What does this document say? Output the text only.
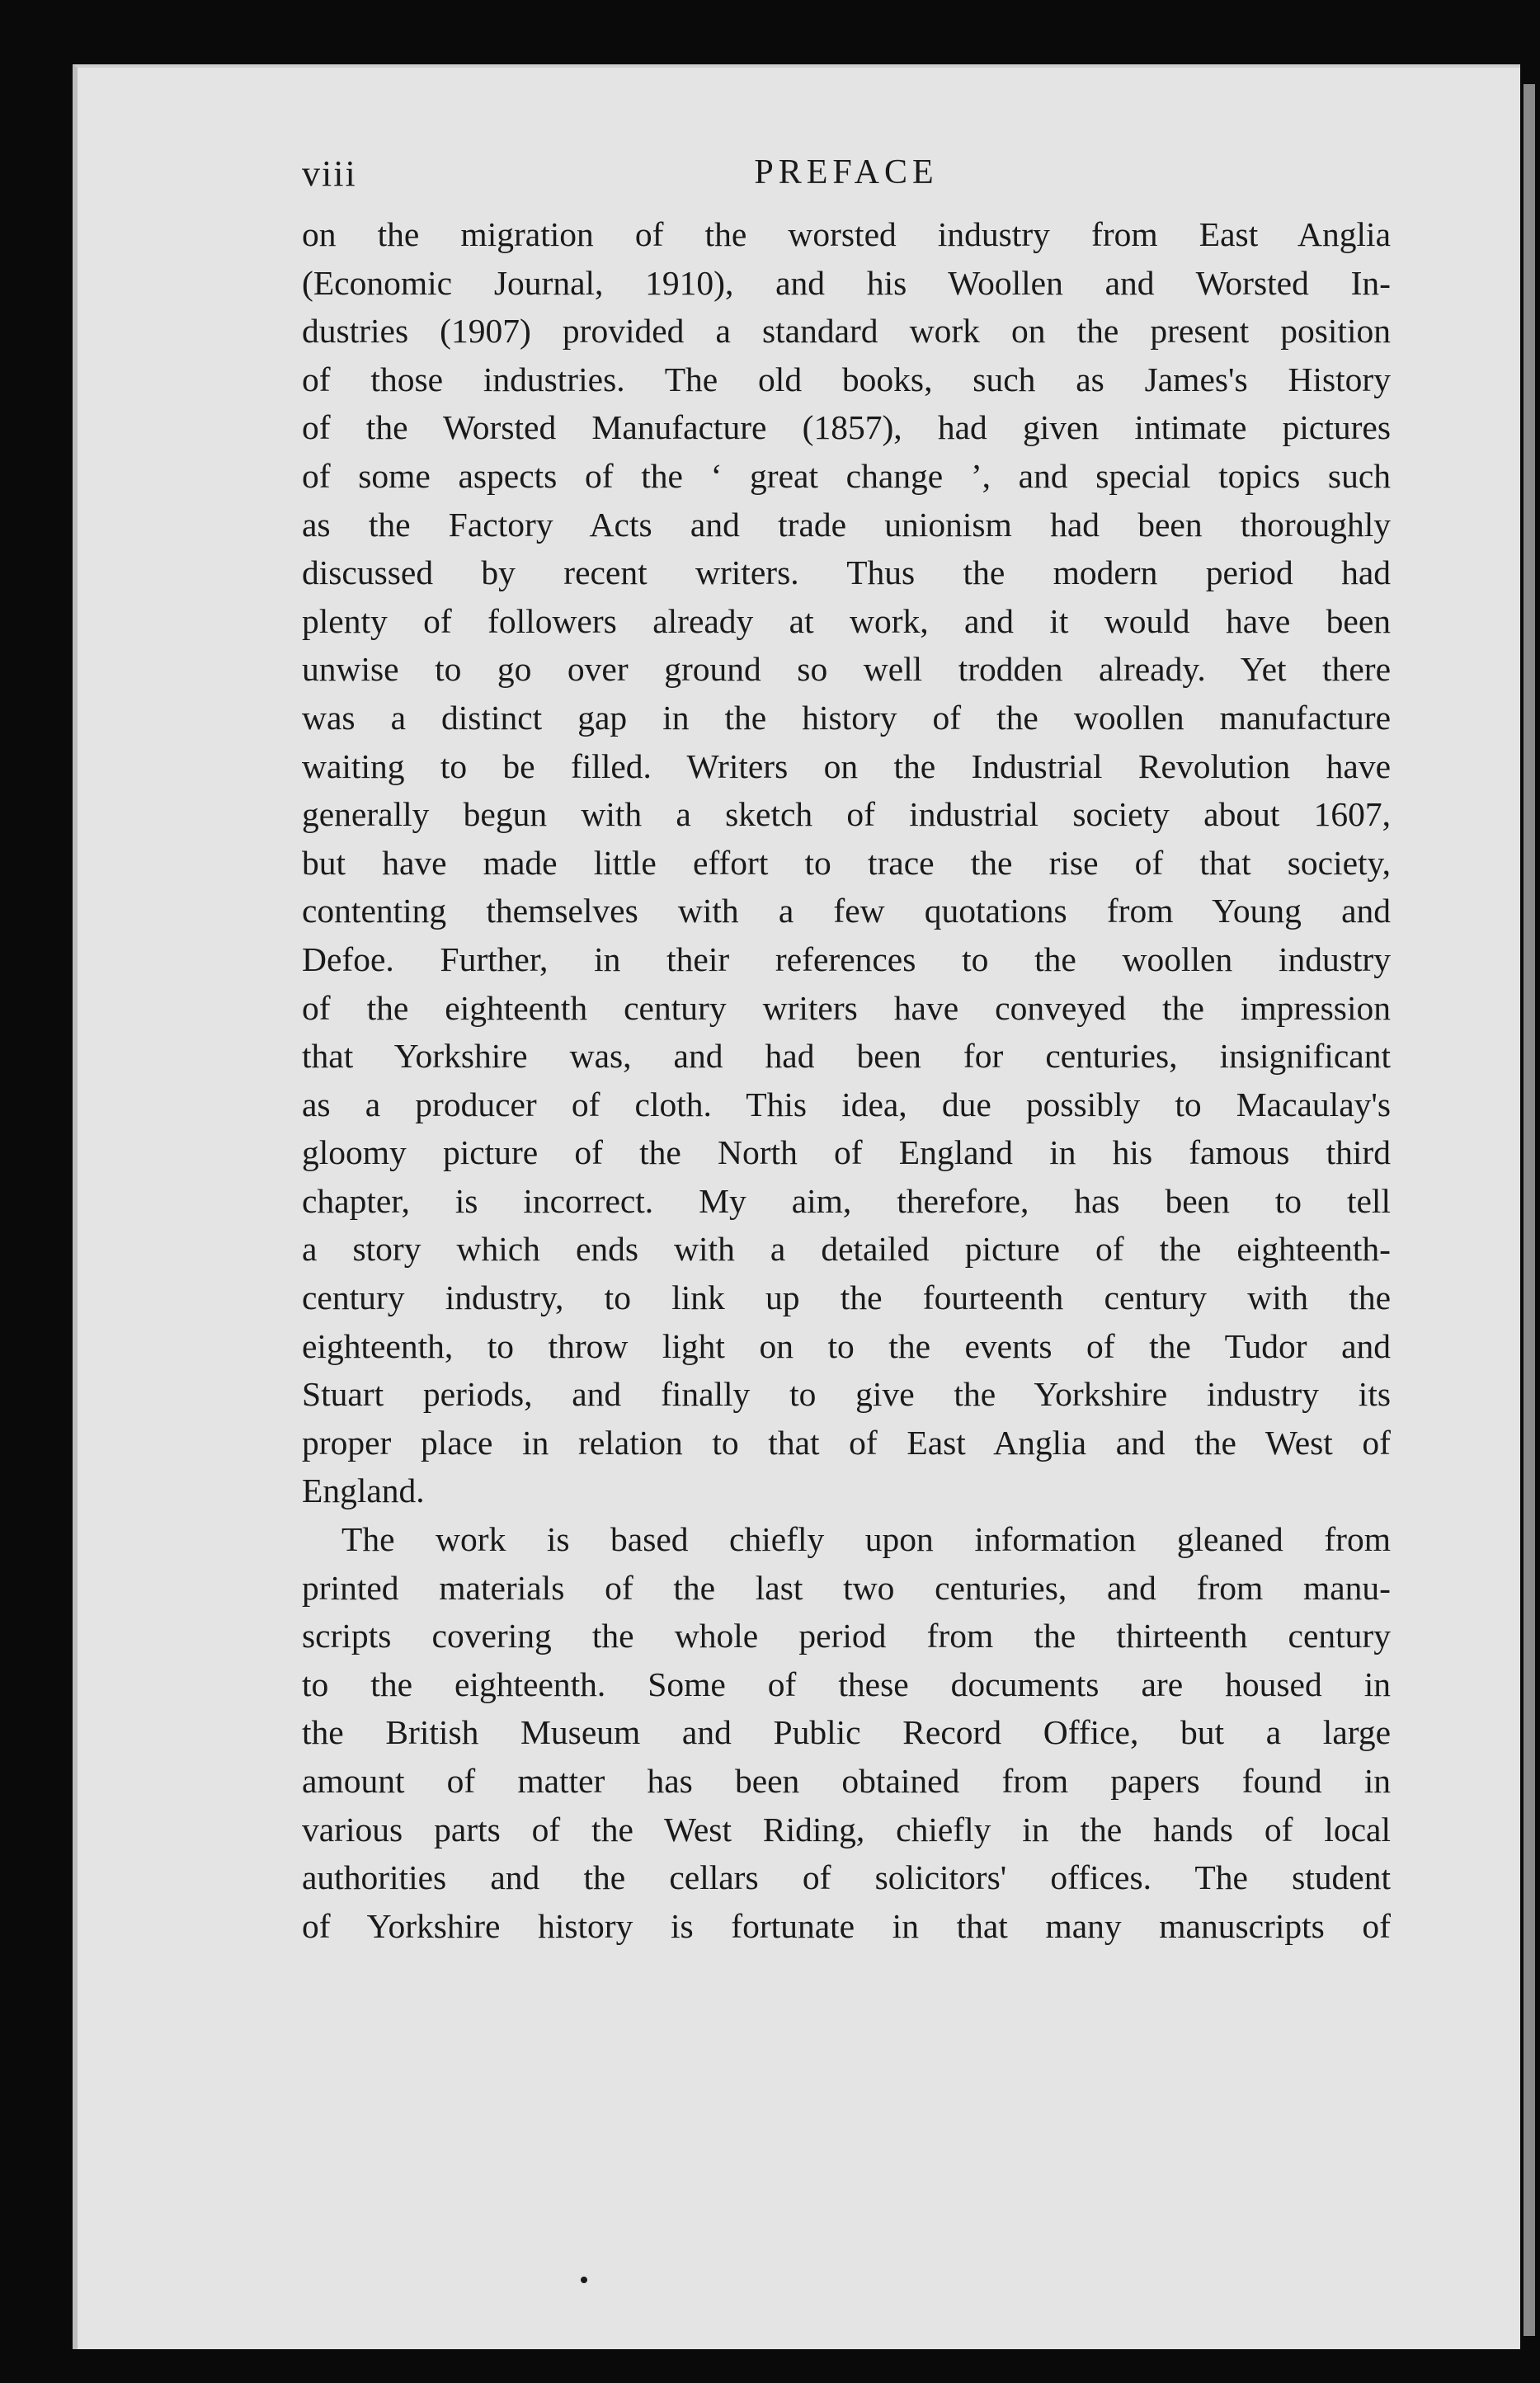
viii	PREFACE
on the migration of the worsted industry from East Anglia
(Economic Journal, 1910), and his Woollen and Worsted In-
dustries (1907) provided a standard work on the present position
of those industries. The old books, such as James's History
of the Worsted Manufacture (1857), had given intimate pictures
of some aspects of the ‘ great change ’, and special topics such
as the Factory Acts and trade unionism had been thoroughly
discussed by recent writers. Thus the modern period had
plenty of followers already at work, and it would have been
unwise to go over ground so well trodden already. Yet there
was a distinct gap in the history of the woollen manufacture
waiting to be filled. Writers on the Industrial Revolution have
generally begun with a sketch of industrial society about 1607,
but have made little effort to trace the rise of that society,
contenting themselves with a few quotations from Young and
Defoe. Further, in their references to the woollen industry
of the eighteenth century writers have conveyed the impression
that Yorkshire was, and had been for centuries, insignificant
as a producer of cloth. This idea, due possibly to Macaulay's
gloomy picture of the North of England in his famous third
chapter, is incorrect. My aim, therefore, has been to tell
a story which ends with a detailed picture of the eighteenth-
century industry, to link up the fourteenth century with the
eighteenth, to throw light on to the events of the Tudor and
Stuart periods, and finally to give the Yorkshire industry its
proper place in relation to that of East Anglia and the West of
England.
The work is based chiefly upon information gleaned from
printed materials of the last two centuries, and from manu-
scripts covering the whole period from the thirteenth century
to the eighteenth. Some of these documents are housed in
the British Museum and Public Record Office, but a large
amount of matter has been obtained from papers found in
various parts of the West Riding, chiefly in the hands of local
authorities and the cellars of solicitors' offices. The student
of Yorkshire history is fortunate in that many manuscripts of
